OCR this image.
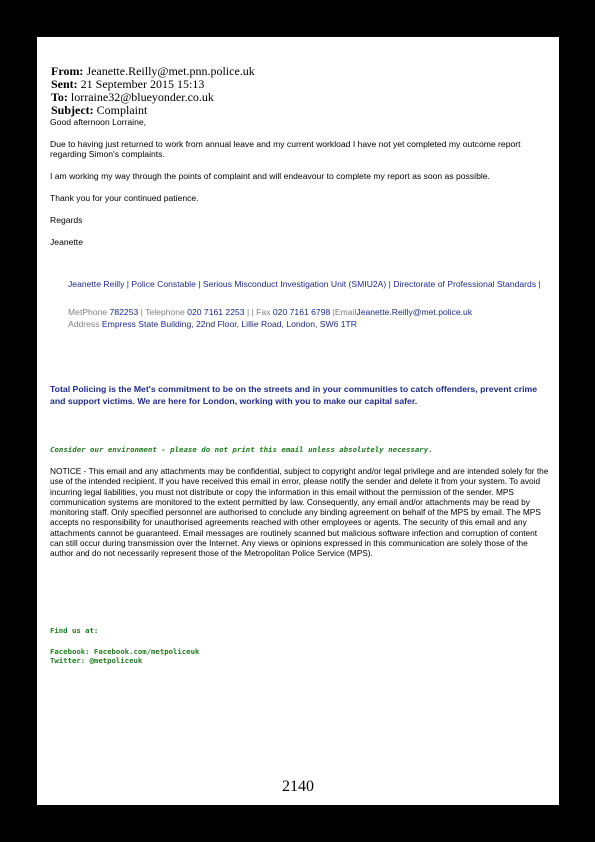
From: Jeanette.Reilly@met.pnn.police.uk
Sent: 21 September 2015 15:13
To: lorraine32@blueyonder.co.uk
Subject: Complaint

Good afternoon Lorraine,

Due to having just returned to work from annual leave and my current workload I have not yet completed my outcome report regarding Simon's complaints.

I am working my way through the points of complaint and will endeavour to complete my report as soon as possible.

Thank you for your continued patience.

Regards

Jeanette

Jeanette Reilly | Police Constable | Serious Misconduct Investigation Unit (SMIU2A) | Directorate of Professional Standards |
MetPhone 782253 | Telephone 020 7161 2253 | | Fax 020 7161 6798 |EmailJeanette.Reilly@met.police.uk
Address Empress State Building, 22nd Floor, Lillie Road, London, SW6 1TR
Total Policing is the Met's commitment to be on the streets and in your communities to catch offenders, prevent crime and support victims. We are here for London, working with you to make our capital safer.
Consider our environment - please do not print this email unless absolutely necessary.
NOTICE - This email and any attachments may be confidential, subject to copyright and/or legal privilege and are intended solely for the use of the intended recipient. If you have received this email in error, please notify the sender and delete it from your system. To avoid incurring legal liabilities, you must not distribute or copy the information in this email without the permission of the sender. MPS communication systems are monitored to the extent permitted by law. Consequently, any email and/or attachments may be read by monitoring staff. Only specified personnel are authorised to conclude any binding agreement on behalf of the MPS by email. The MPS accepts no responsibility for unauthorised agreements reached with other employees or agents. The security of this email and any attachments cannot be guaranteed. Email messages are routinely scanned but malicious software infection and corruption of content can still occur during transmission over the Internet. Any views or opinions expressed in this communication are solely those of the author and do not necessarily represent those of the Metropolitan Police Service (MPS).
Find us at:
Facebook: Facebook.com/metpoliceuk
Twitter: @metpoliceuk
2140
